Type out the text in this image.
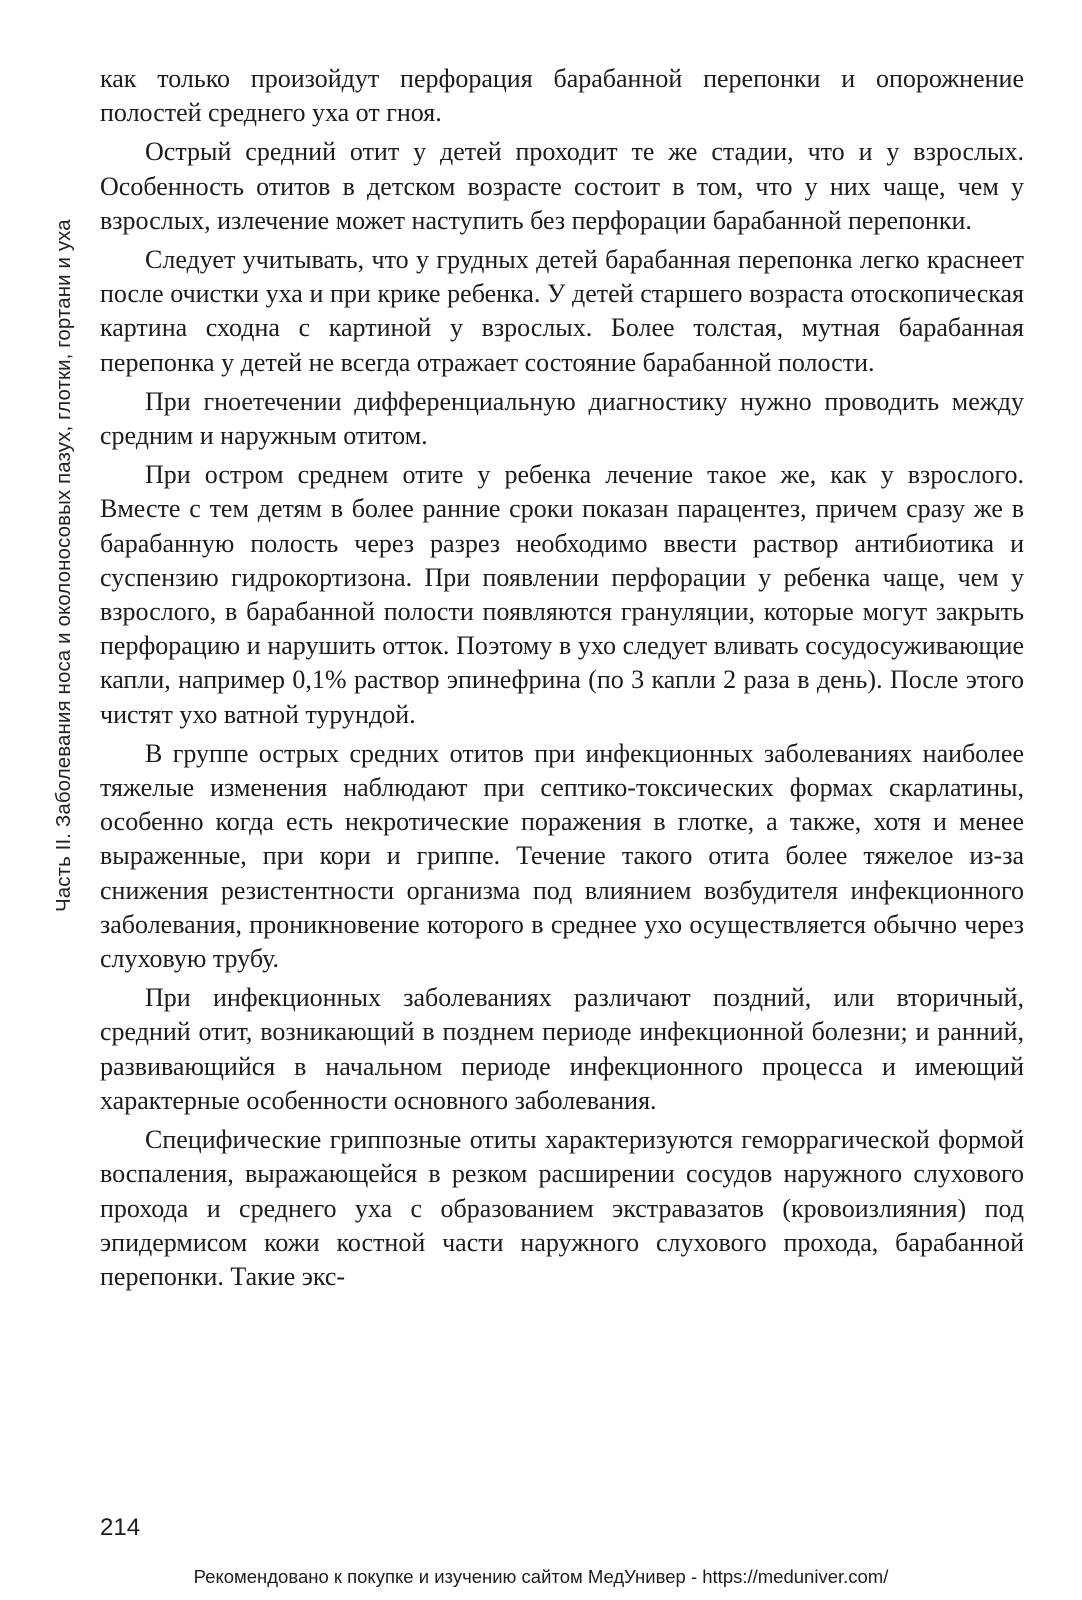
Часть II. Заболевания носа и околоносовых пазух, глотки, гортани и уха

как только произойдут перфорация барабанной перепонки и опорожнение полостей среднего уха от гноя.

Острый средний отит у детей проходит те же стадии, что и у взрослых. Особенность отитов в детском возрасте состоит в том, что у них чаще, чем у взрослых, излечение может наступить без перфорации барабанной перепонки.

Следует учитывать, что у грудных детей барабанная перепонка легко краснеет после очистки уха и при крике ребенка. У детей старшего возраста отоскопическая картина сходна с картиной у взрослых. Более толстая, мутная барабанная перепонка у детей не всегда отражает состояние барабанной полости.

При гноетечении дифференциальную диагностику нужно проводить между средним и наружным отитом.

При остром среднем отите у ребенка лечение такое же, как у взрослого. Вместе с тем детям в более ранние сроки показан парацентез, причем сразу же в барабанную полость через разрез необходимо ввести раствор антибиотика и суспензию гидрокортизона. При появлении перфорации у ребенка чаще, чем у взрослого, в барабанной полости появляются грануляции, которые могут закрыть перфорацию и нарушить отток. Поэтому в ухо следует вливать сосудосуживающие капли, например 0,1% раствор эпинефрина (по 3 капли 2 раза в день). После этого чистят ухо ватной турундой.

В группе острых средних отитов при инфекционных заболеваниях наиболее тяжелые изменения наблюдают при септико-токсических формах скарлатины, особенно когда есть некротические поражения в глотке, а также, хотя и менее выраженные, при кори и гриппе. Течение такого отита более тяжелое из-за снижения резистентности организма под влиянием возбудителя инфекционного заболевания, проникновение которого в среднее ухо осуществляется обычно через слуховую трубу.

При инфекционных заболеваниях различают поздний, или вторичный, средний отит, возникающий в позднем периоде инфекционной болезни; и ранний, развивающийся в начальном периоде инфекционного процесса и имеющий характерные особенности основного заболевания.

Специфические гриппозные отиты характеризуются геморрагической формой воспаления, выражающейся в резком расширении сосудов наружного слухового прохода и среднего уха с образованием экстравазатов (кровоизлияния) под эпидермисом кожи костной части наружного слухового прохода, барабанной перепонки. Такие экс-

214
Рекомендовано к покупке и изучению сайтом МедУнивер - https://meduniver.com/
